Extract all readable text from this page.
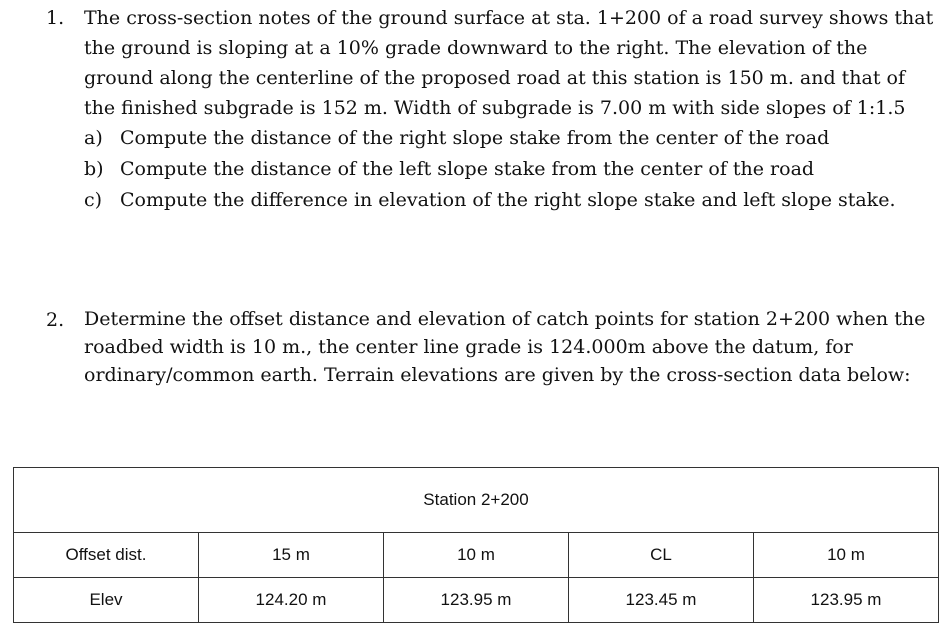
1.	The cross-section notes of the ground surface at sta. 1+200 of a road survey shows that the ground is sloping at a 10% grade downward to the right. The elevation of the ground along the centerline of the proposed road at this station is 150 m. and that of the finished subgrade is 152 m. Width of subgrade is 7.00 m with side slopes of 1:1.5
a) Compute the distance of the right slope stake from the center of the road
b) Compute the distance of the left slope stake from the center of the road
c) Compute the difference in elevation of the right slope stake and left slope stake.
2.	Determine the offset distance and elevation of catch points for station 2+200 when the roadbed width is 10 m., the center line grade is 124.000m above the datum, for ordinary/common earth. Terrain elevations are given by the cross-section data below:
Station 2+200				
Offset dist.	15 m	10 m	CL	10 m
Elev	124.20 m	123.95 m	123.45 m	123.95 m
